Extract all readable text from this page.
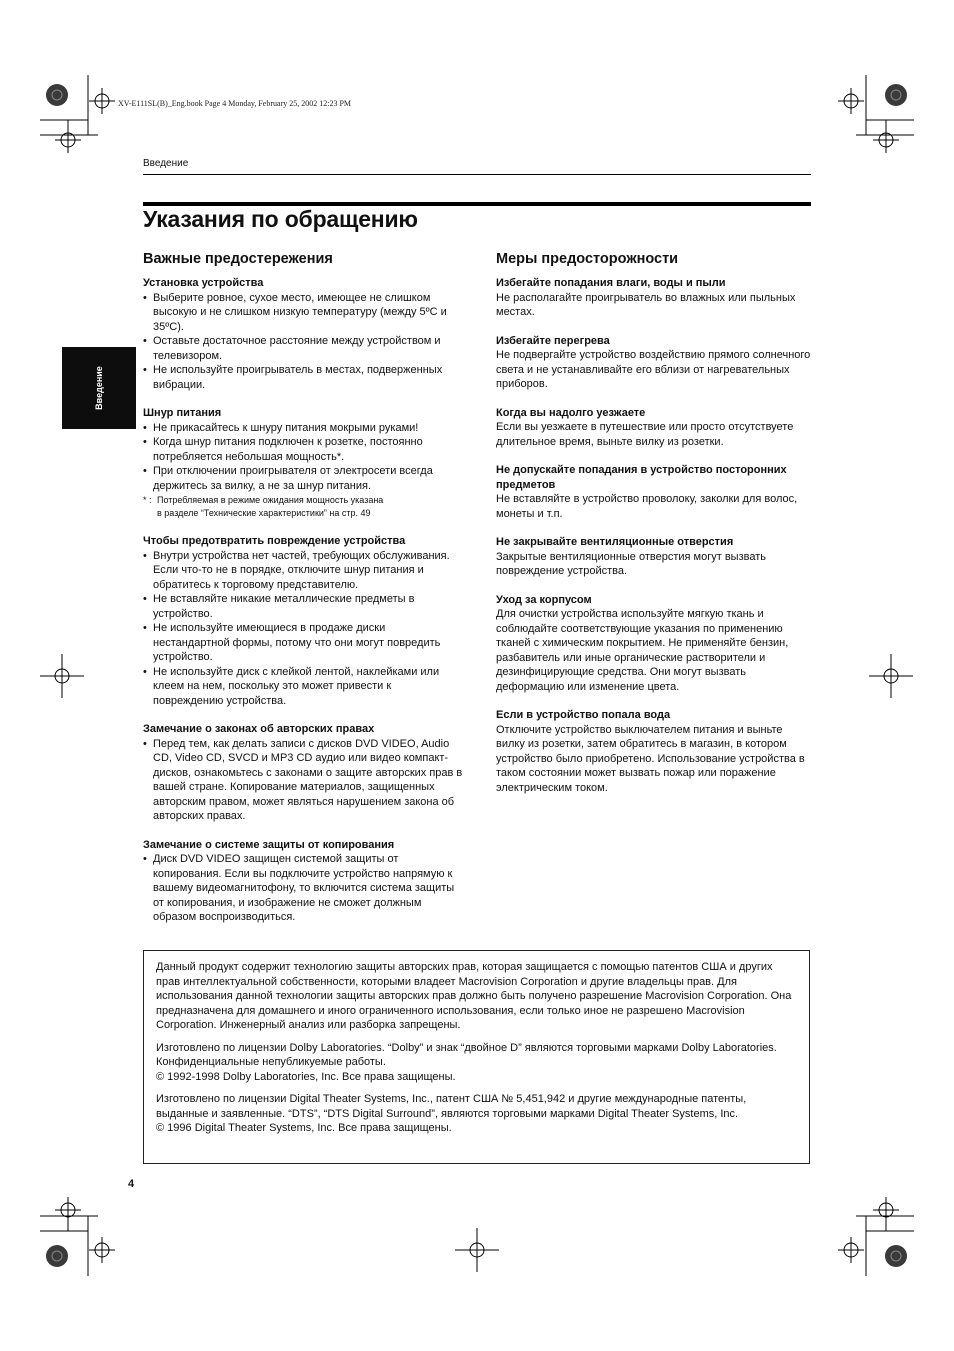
XV-E111SL(B)_Eng.book Page 4 Monday, February 25, 2002 12:23 PM
Введение
Указания по обращению
Введение
Важные предостережения
Установка устройства
• Выберите ровное, сухое место, имеющее не слишком высокую и не слишком низкую температуру (между 5ºC и 35ºC).
• Оставьте достаточное расстояние между устройством и телевизором.
• Не используйте проигрыватель в местах, подверженных вибрации.
Шнур питания
• Не прикасайтесь к шнуру питания мокрыми руками!
• Когда шнур питания подключен к розетке, постоянно потребляется небольшая мощность*.
• При отключении проигрывателя от электросети всегда держитесь за вилку, а не за шнур питания.
* : Потребляемая в режиме ожидания мощность указана
в разделе “Технические характеристики” на стр. 49
Чтобы предотвратить повреждение устройства
• Внутри устройства нет частей, требующих обслуживания. Если что-то не в порядке, отключите шнур питания и обратитесь к торговому представителю.
• Не вставляйте никакие металлические предметы в устройство.
• Не используйте имеющиеся в продаже диски нестандартной формы, потому что они могут повредить устройство.
• Не используйте диск с клейкой лентой, наклейками или клеем на нем, поскольку это может привести к повреждению устройства.
Замечание о законах об авторских правах
• Перед тем, как делать записи с дисков DVD VIDEO, Audio CD, Video CD, SVCD и MP3 CD аудио или видео компакт-дисков, ознакомьтесь с законами о защите авторских прав в вашей стране. Копирование материалов, защищенных авторским правом, может являться нарушением закона об авторских правах.
Замечание о системе защиты от копирования
• Диск DVD VIDEO защищен системой защиты от копирования. Если вы подключите устройство напрямую к вашему видеомагнитофону, то включится система защиты от копирования, и изображение не сможет должным образом воспроизводиться.
Меры предосторожности
Избегайте попадания влаги, воды и пыли

Не располагайте проигрыватель во влажных или пыльных местах.

Избегайте перегрева

Не подвергайте устройство воздействию прямого солнечного света и не устанавливайте его вблизи от нагревательных приборов.

Когда вы надолго уезжаете

Если вы уезжаете в путешествие или просто отсутствуете длительное время, выньте вилку из розетки.

Не допускайте попадания в устройство посторонних предметов

Не вставляйте в устройство проволоку, заколки для волос, монеты и т.п.

Не закрывайте вентиляционные отверстия

Закрытые вентиляционные отверстия могут вызвать повреждение устройства.

Уход за корпусом

Для очистки устройства используйте мягкую ткань и соблюдайте соответствующие указания по применению тканей с химическим покрытием. Не применяйте бензин, разбавитель или иные органические растворители и дезинфицирующие средства. Они могут вызвать деформацию или изменение цвета.

Если в устройство попала вода

Отключите устройство выключателем питания и выньте вилку из розетки, затем обратитесь в магазин, в котором устройство было приобретено. Использование устройства в таком состоянии может вызвать пожар или поражение электрическим током.

Данный продукт содержит технологию защиты авторских прав, которая защищается с помощью патентов США и других прав интеллектуальной собственности, которыми владеет Macrovision Corporation и другие владельцы прав. Для использования данной технологии защиты авторских прав должно быть получено разрешение Macrovision Corporation. Она предназначена для домашнего и иного ограниченного использования, если только иное не разрешено Macrovision Corporation. Инженерный анализ или разборка запрещены.

Изготовлено по лицензии Dolby Laboratories. “Dolby” и знак “двойное D” являются торговыми марками Dolby Laboratories.
Конфиденциальные непубликуемые работы.
© 1992-1998 Dolby Laboratories, Inc. Все права защищены.

Изготовлено по лицензии Digital Theater Systems, Inc., патент США № 5,451,942 и другие международные патенты, выданные и заявленные. “DTS”, “DTS Digital Surround”, являются торговыми марками Digital Theater Systems, Inc.
© 1996 Digital Theater Systems, Inc. Все права защищены.

4
